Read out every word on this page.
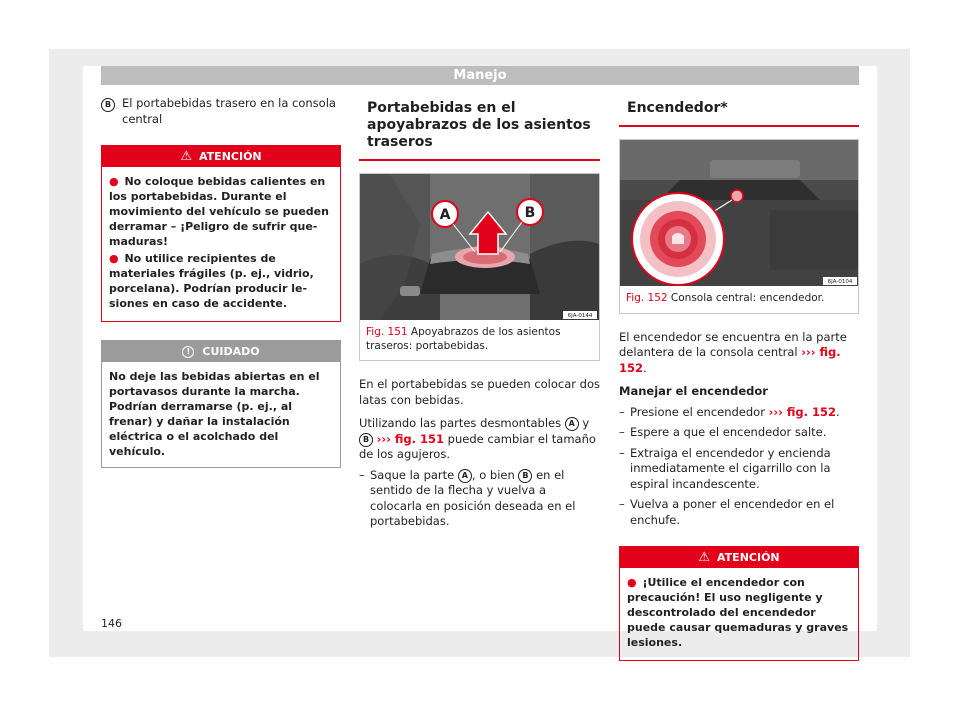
Manejo
B El portabebidas trasero en la consola central
⚠ ATENCIÓN

● No coloque bebidas calientes en los portabebidas. Durante el movimiento del vehículo se pueden derramar – ¡Peligro de sufrir quemaduras!

● No utilice recipientes de materiales frágiles (p. ej., vidrio, porcelana). Podrían producir lesiones en caso de accidente.

!	CUIDADO
No deje las bebidas abiertas en el portavasos durante la marcha. Podrían derramarse (p. ej., al frenar) y dañar la instalación eléctrica o el acolchado del vehículo.
Portabebidas en el apoyabrazos de los asientos traseros
A	B
6JA-0144
Fig. 151 Apoyabrazos de los asientos traseros: portabebidas.

En el portabebidas se pueden colocar dos latas con bebidas.

Utilizando las partes desmontables A y B ››› fig. 151 puede cambiar el tamaño de los agujeros.

– Saque la parte A , o bien B en el sentido de la flecha y vuelva a colocarla en posición deseada en el portabebidas.
Encendedor*
6JA-0104
Fig. 152 Consola central: encendedor.

El encendedor se encuentra en la parte delantera de la consola central ››› fig. 152.

Manejar el encendedor
– Presione el encendedor ››› fig. 152.
– Espere a que el encendedor salte.
– Extraiga el encendedor y encienda inmediatamente el cigarrillo con la espiral incandescente.
– Vuelva a poner el encendedor en el enchufe.
⚠ ATENCIÓN

● ¡Utilice el encendedor con precaución! El uso negligente y descontrolado del encendedor puede causar quemaduras y graves lesiones.

146
